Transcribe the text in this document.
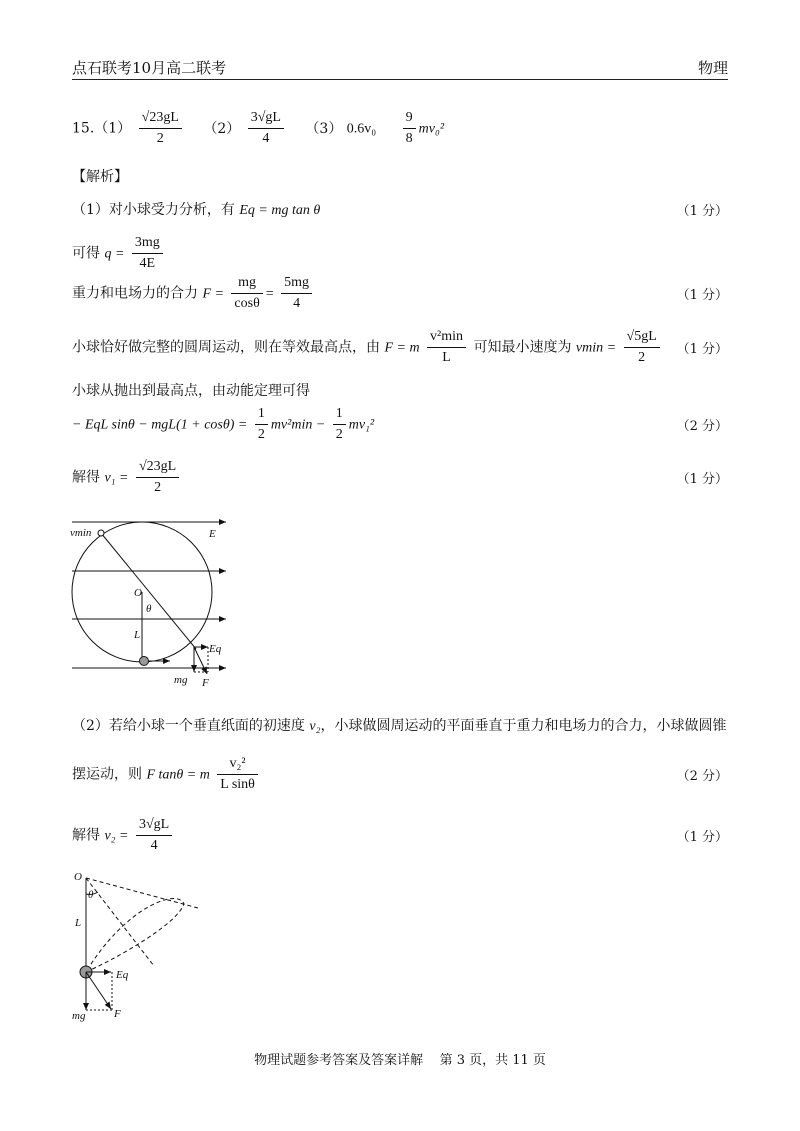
点石联考10月高二联考	物理
$15.(1) \frac{√23gL}{2} (2) \frac{3√gL}{4} (3)$ $0.6v_0 \frac{9}{8} mv_0^2$
【解析】
（1）对小球受力分析，有 Eq = mg tan θ	（1 分）
可得 $q = \frac{3mg}{4E}$
重力和电场力的合力 $F = \frac{mg}{\cos\theta} = \frac{5mg}{4}$	（1 分）
小球恰好做完整的圆周运动，则在等效最高点，由 F = m $\frac{\text{v²min}}{L}$ 可知最小速度为 $vmin = \frac{√5gL}{2} (1$ 分）
小球从抛出到最高点，由动能定理可得
− EqL $\sin\theta - mgL(1 + \cos\theta) = \frac{1}{2} mv^2\min - \frac{1}{2} mv_1^2$	（2 分）
解得 $v_1 = \frac{√23gL}{2}$	（1 分）
vmin	E
O
θ
L
Eq
mg F
（2）若给小球一个垂直纸面的初速度 v₂，小球做圆周运动的平面垂直于重力和电场力的合力，小球做圆锥
摆运动，则 F tanθ = m $\frac{\text{v₂²}}{\text{L sinθ}}$	（2 分）
解得 $v_2 = \frac{3√gL}{4}$	（1 分）
O
θ
L
Eq
mg	F
物理试题参考答案及答案详解    第 3 页，共 11 页
